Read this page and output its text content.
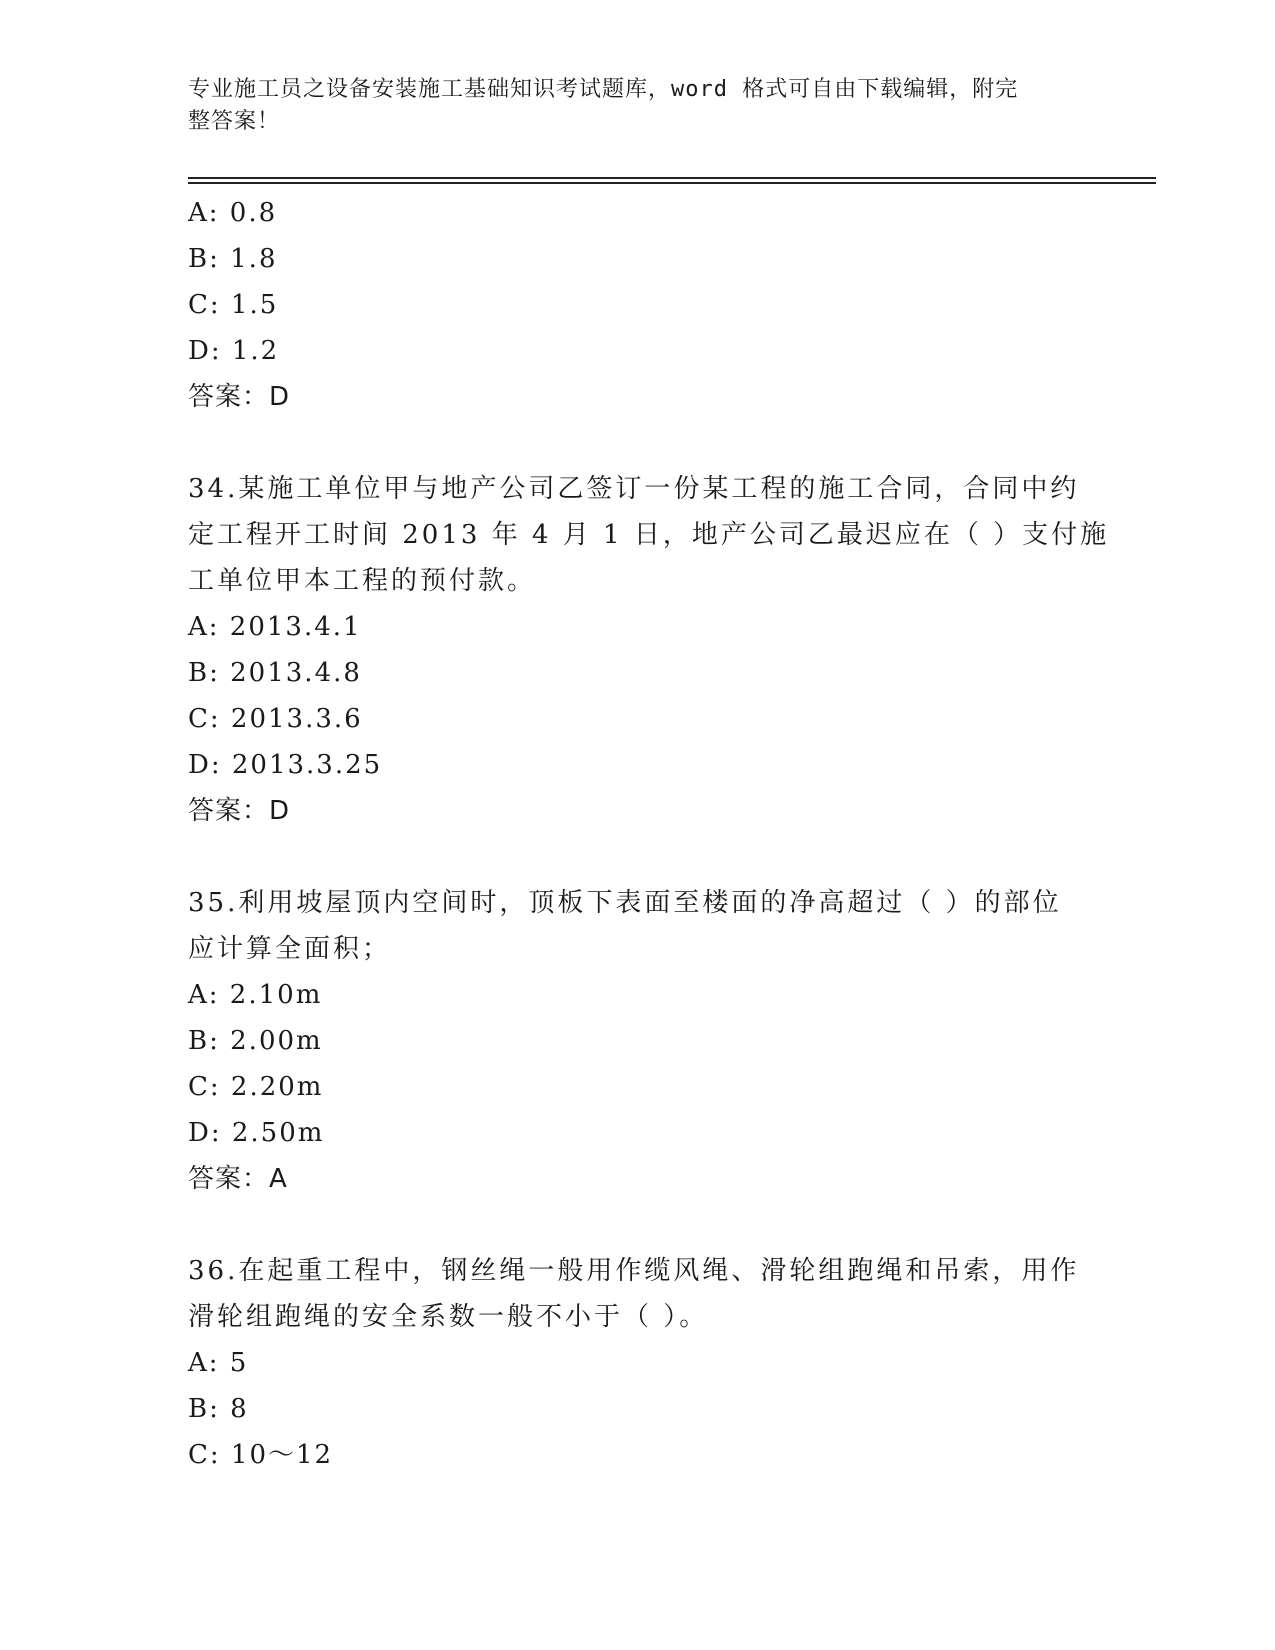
专业施工员之设备安装施工基础知识考试题库，word 格式可自由下载编辑，附完
整答案！
A: 0.8
B: 1.8
C: 1.5
D: 1.2
答案：D
34.某施工单位甲与地产公司乙签订一份某工程的施工合同，合同中约
定工程开工时间 2013 年 4 月 1 日，地产公司乙最迟应在（ ）支付施
工单位甲本工程的预付款。
A: 2013.4.1
B: 2013.4.8
C: 2013.3.6
D: 2013.3.25
答案：D
35.利用坡屋顶内空间时，顶板下表面至楼面的净高超过（ ）的部位
应计算全面积；
A: 2.10m
B: 2.00m
C: 2.20m
D: 2.50m
答案：A
36.在起重工程中，钢丝绳一般用作缆风绳、滑轮组跑绳和吊索，用作
滑轮组跑绳的安全系数一般不小于（ ）。
A: 5
B: 8
C: 10～12
